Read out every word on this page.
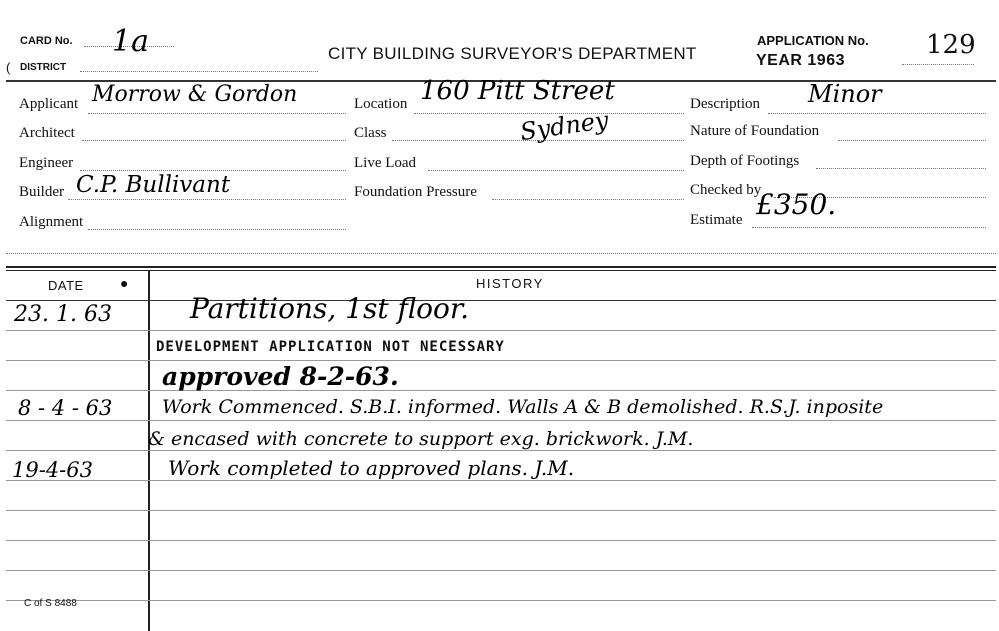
CARD No. 1a
( DISTRICT
CITY BUILDING SURVEYOR'S DEPARTMENT
APPLICATION No. 129
YEAR 1963
Applicant Morrow & Gordon
Architect
Engineer
Builder C.P. Bullivant
Alignment
Location 160 Pitt Street
Class	Sydney
Live Load
Foundation Pressure
Description Minor
Nature of Foundation
Depth of Footings
Checked by
Estimate £350.
DATE	●	HISTORY
23. 1. 63	Partitions, 1st floor.
DEVELOPMENT APPLICATION NOT NECESSARY
approved 8-2-63.
8 - 4 - 63	Work Commenced. S.B.I. informed. Walls A & B demolished. R.S.J. inposite
& encased with concrete to support exg. brickwork. J.M.
19-4-63	Work completed to approved plans. J.M.
C of S 8488
